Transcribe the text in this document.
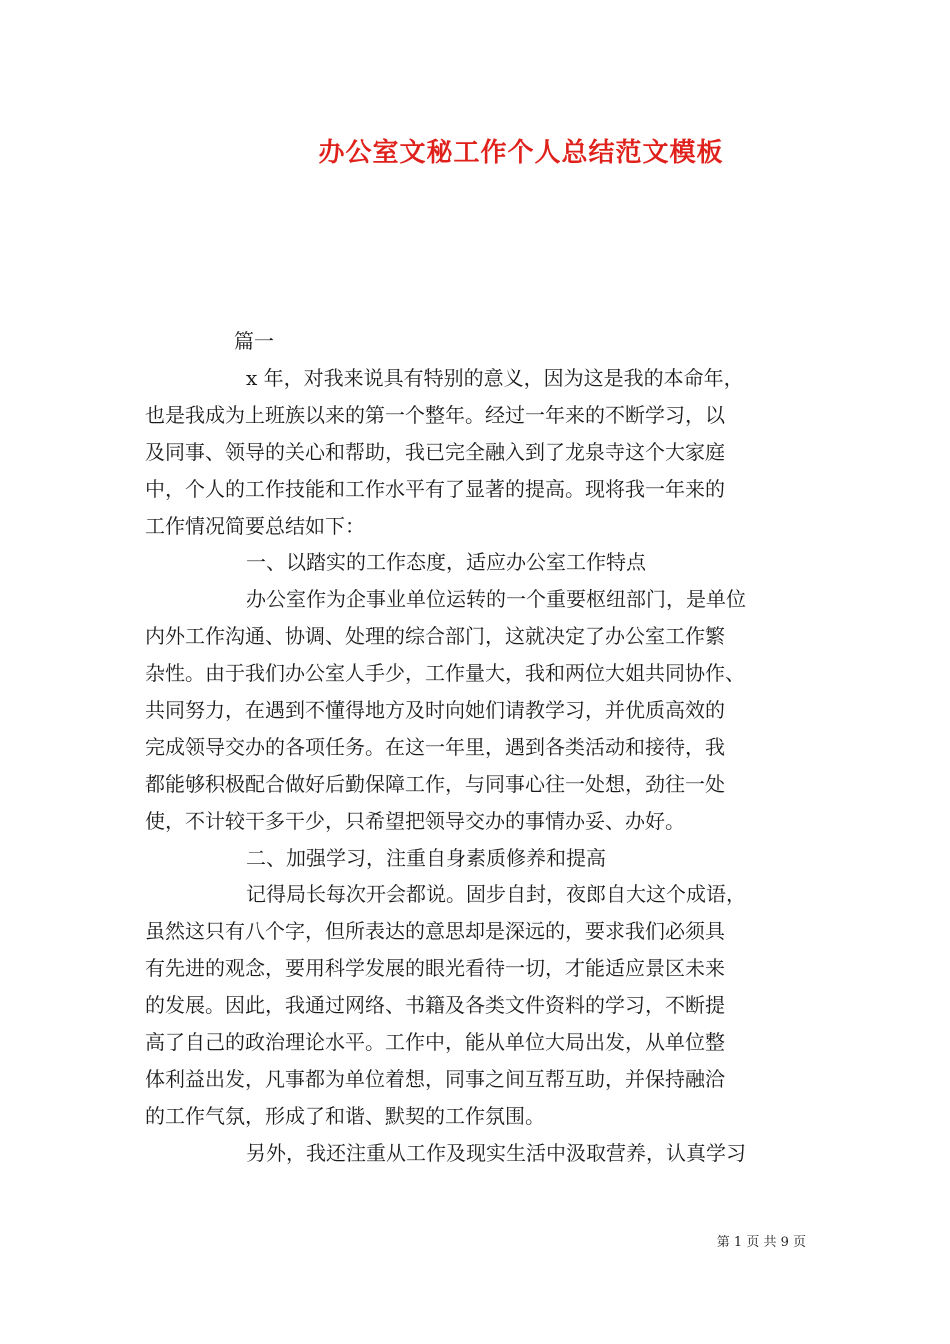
办公室文秘工作个人总结范文模板

篇一

x 年，对我来说具有特别的意义，因为这是我的本命年，

也是我成为上班族以来的第一个整年。经过一年来的不断学习，以

及同事、领导的关心和帮助，我已完全融入到了龙泉寺这个大家庭

中，个人的工作技能和工作水平有了显著的提高。现将我一年来的

工作情况简要总结如下：

一、以踏实的工作态度，适应办公室工作特点

办公室作为企事业单位运转的一个重要枢纽部门，是单位

内外工作沟通、协调、处理的综合部门，这就决定了办公室工作繁

杂性。由于我们办公室人手少，工作量大，我和两位大姐共同协作、

共同努力，在遇到不懂得地方及时向她们请教学习，并优质高效的

完成领导交办的各项任务。在这一年里，遇到各类活动和接待，我

都能够积极配合做好后勤保障工作，与同事心往一处想，劲往一处

使，不计较干多干少，只希望把领导交办的事情办妥、办好。

二、加强学习，注重自身素质修养和提高

记得局长每次开会都说。固步自封，夜郎自大这个成语，

虽然这只有八个字，但所表达的意思却是深远的，要求我们必须具

有先进的观念，要用科学发展的眼光看待一切，才能适应景区未来

的发展。因此，我通过网络、书籍及各类文件资料的学习，不断提

高了自己的政治理论水平。工作中，能从单位大局出发，从单位整

体利益出发，凡事都为单位着想，同事之间互帮互助，并保持融洽

的工作气氛，形成了和谐、默契的工作氛围。

另外，我还注重从工作及现实生活中汲取营养，认真学习

第 1 页 共 9 页
